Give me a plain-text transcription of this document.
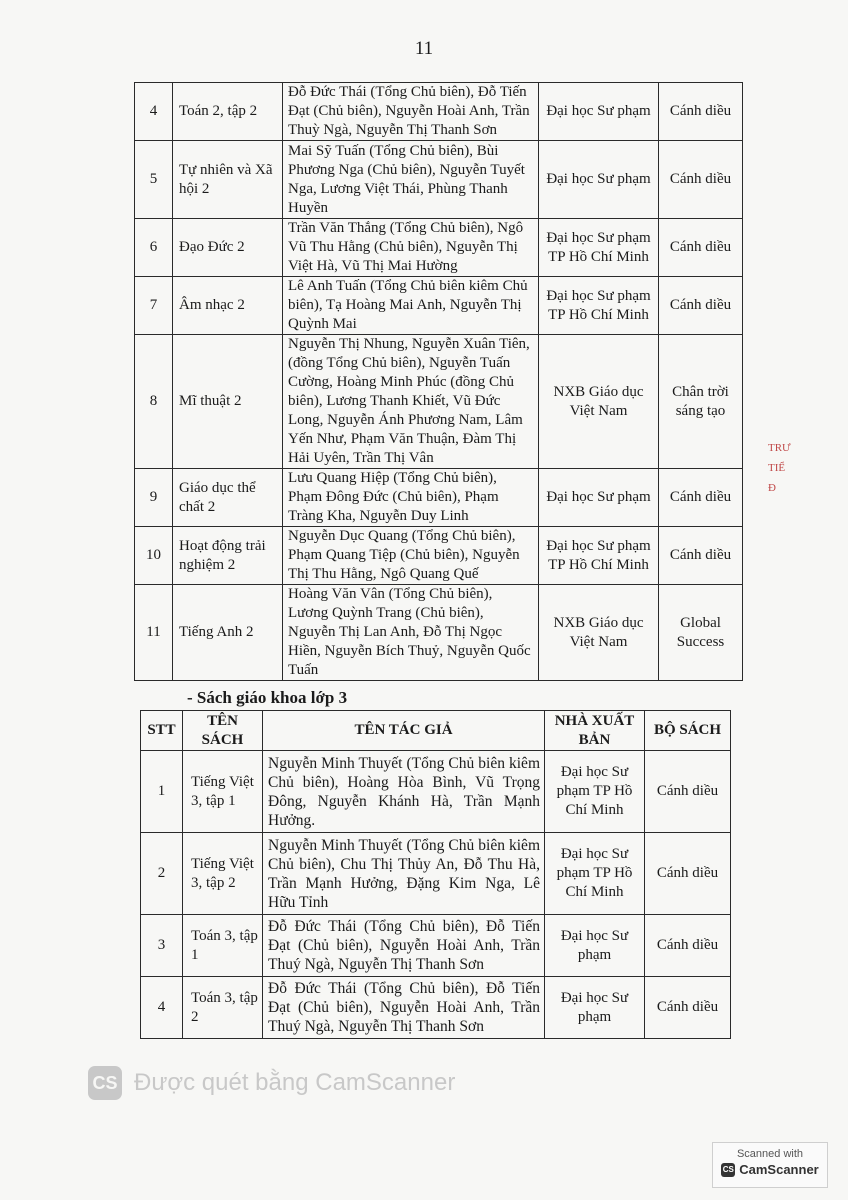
11
4	Toán 2, tập 2	Đỗ Đức Thái (Tổng Chủ biên), Đỗ Tiến Đạt (Chủ biên), Nguyễn Hoài Anh, Trần Thuỳ Ngà, Nguyễn Thị Thanh Sơn	Đại học Sư phạm	Cánh diều
5	Tự nhiên và Xã hội 2	Mai Sỹ Tuấn (Tổng Chủ biên), Bùi Phương Nga (Chủ biên), Nguyễn Tuyết Nga, Lương Việt Thái, Phùng Thanh Huyền	Đại học Sư phạm	Cánh diều
6	Đạo Đức 2	Trần Văn Thắng (Tổng Chủ biên), Ngô Vũ Thu Hằng (Chủ biên), Nguyễn Thị Việt Hà, Vũ Thị Mai Hường	Đại học Sư phạm TP Hồ Chí Minh	Cánh diều
7	Âm nhạc 2	Lê Anh Tuấn (Tổng Chủ biên kiêm Chủ biên), Tạ Hoàng Mai Anh, Nguyễn Thị Quỳnh Mai	Đại học Sư phạm TP Hồ Chí Minh	Cánh diều
8	Mĩ thuật 2	Nguyễn Thị Nhung, Nguyễn Xuân Tiên, (đồng Tổng Chủ biên), Nguyễn Tuấn Cường, Hoàng Minh Phúc (đồng Chủ biên), Lương Thanh Khiết, Vũ Đức Long, Nguyễn Ánh Phương Nam, Lâm Yến Như, Phạm Văn Thuận, Đàm Thị Hải Uyên, Trần Thị Vân	NXB Giáo dục Việt Nam	Chân trời sáng tạo
9	Giáo dục thể chất 2	Lưu Quang Hiệp (Tổng Chủ biên), Phạm Đông Đức (Chủ biên), Phạm Tràng Kha, Nguyễn Duy Linh	Đại học Sư phạm	Cánh diều
10	Hoạt động trải nghiệm 2	Nguyễn Dục Quang (Tổng Chủ biên), Phạm Quang Tiệp (Chủ biên), Nguyễn Thị Thu Hằng, Ngô Quang Quế	Đại học Sư phạm TP Hồ Chí Minh	Cánh diều
11	Tiếng Anh 2	Hoàng Văn Vân (Tổng Chủ biên), Lương Quỳnh Trang (Chủ biên), Nguyễn Thị Lan Anh, Đỗ Thị Ngọc Hiền, Nguyễn Bích Thuỷ, Nguyễn Quốc Tuấn	NXB Giáo dục Việt Nam	Global Success
- Sách giáo khoa lớp 3
STT	TÊN SÁCH	TÊN TÁC GIẢ	NHÀ XUẤT BẢN	BỘ SÁCH
1	Tiếng Việt 3, tập 1	Nguyễn Minh Thuyết (Tổng Chủ biên kiêm Chủ biên), Hoàng Hòa Bình, Vũ Trọng Đông, Nguyễn Khánh Hà, Trần Mạnh Hưởng.	Đại học Sư phạm TP Hồ Chí Minh	Cánh diều
2	Tiếng Việt 3, tập 2	Nguyễn Minh Thuyết (Tổng Chủ biên kiêm Chủ biên), Chu Thị Thủy An, Đỗ Thu Hà, Trần Mạnh Hưởng, Đặng Kim Nga, Lê Hữu Tỉnh	Đại học Sư phạm TP Hồ Chí Minh	Cánh diều
3	Toán 3, tập 1	Đỗ Đức Thái (Tổng Chủ biên), Đỗ Tiến Đạt (Chủ biên), Nguyễn Hoài Anh, Trần Thuý Ngà, Nguyễn Thị Thanh Sơn	Đại học Sư phạm	Cánh diều
4	Toán 3, tập 2	Đỗ Đức Thái (Tổng Chủ biên), Đỗ Tiến Đạt (Chủ biên), Nguyễn Hoài Anh, Trần Thuý Ngà, Nguyễn Thị Thanh Sơn	Đại học Sư phạm	Cánh diều
TRƯ
TIỂ
Đ
CS Được quét bằng CamScanner
Scanned with
CS CamScanner
